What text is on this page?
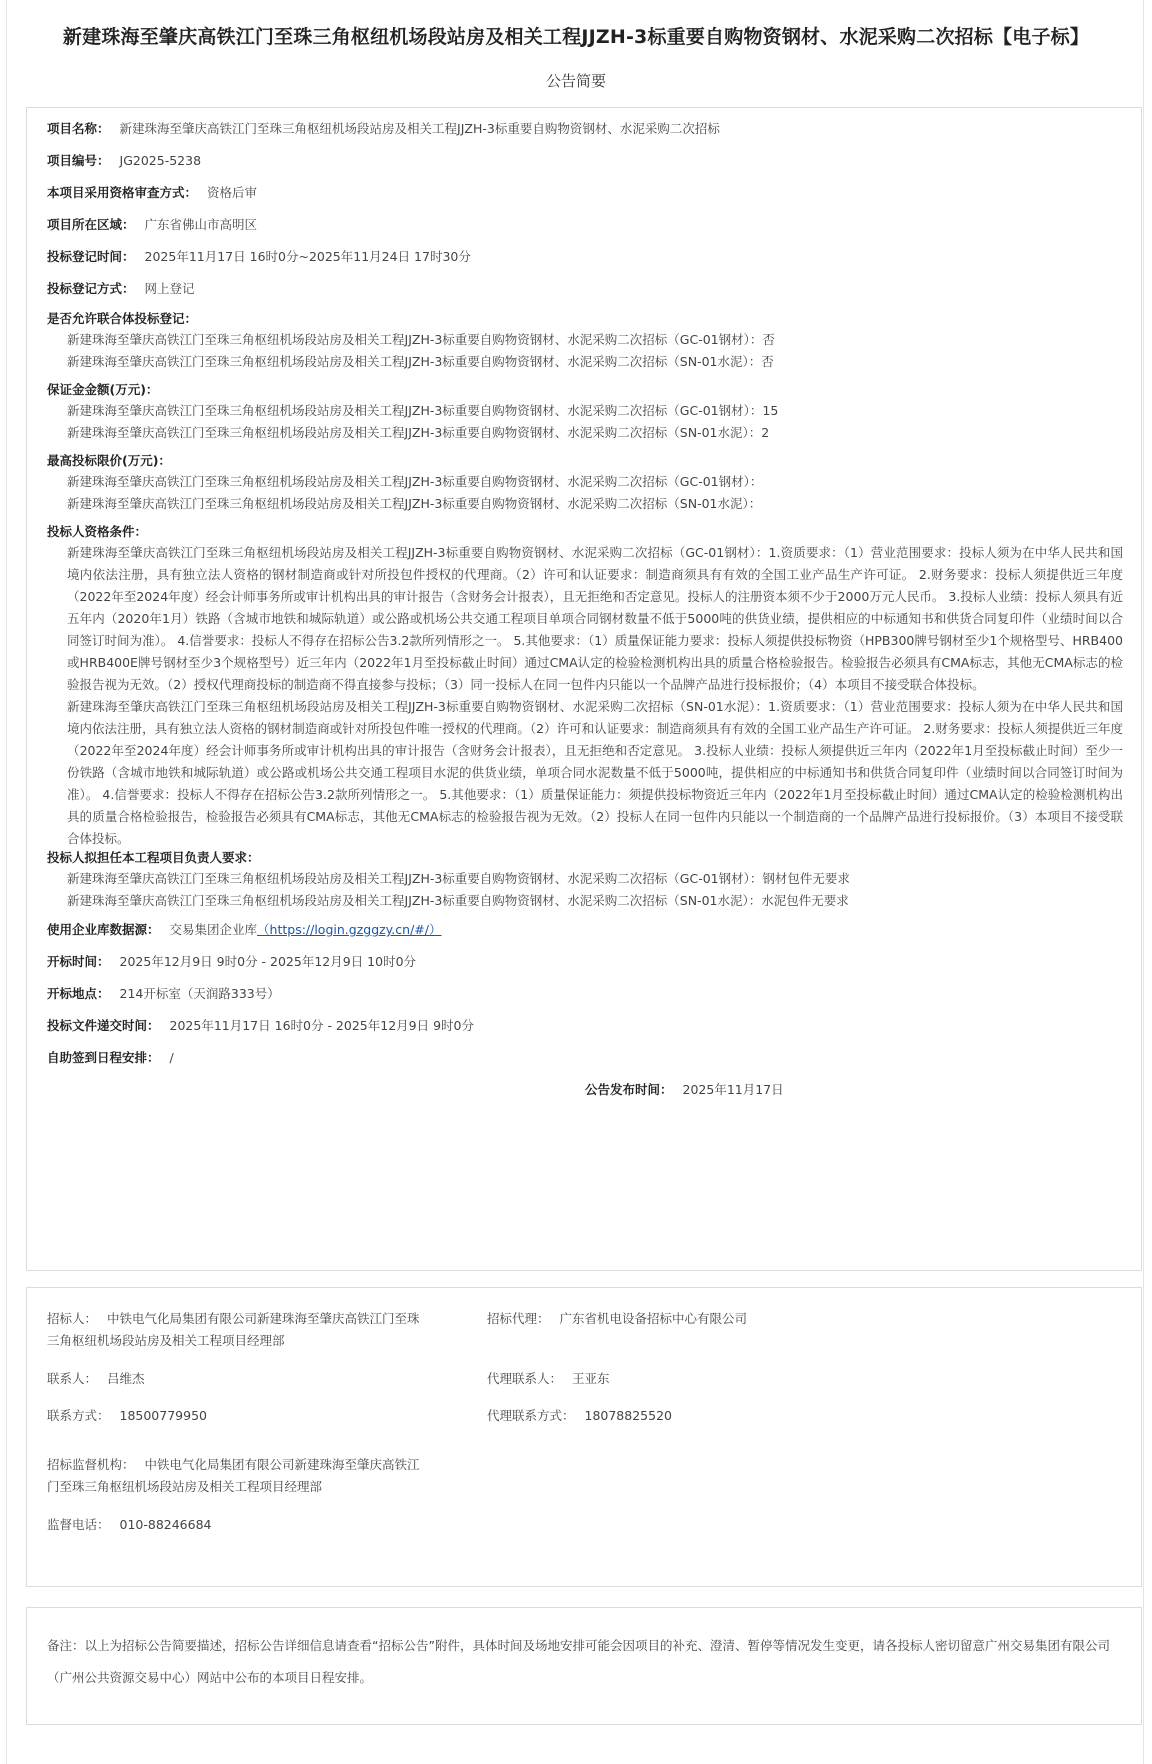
新建珠海至肇庆高铁江门至珠三角枢纽机场段站房及相关工程JJZH-3标重要自购物资钢材、水泥采购二次招标【电子标】
公告简要
项目名称： 新建珠海至肇庆高铁江门至珠三角枢纽机场段站房及相关工程JJZH-3标重要自购物资钢材、水泥采购二次招标
项目编号： JG2025-5238
本项目采用资格审查方式： 资格后审
项目所在区域： 广东省佛山市高明区
投标登记时间： 2025年11月17日 16时0分~2025年11月24日 17时30分
投标登记方式： 网上登记
是否允许联合体投标登记：
新建珠海至肇庆高铁江门至珠三角枢纽机场段站房及相关工程JJZH-3标重要自购物资钢材、水泥采购二次招标（GC-01钢材）：否
新建珠海至肇庆高铁江门至珠三角枢纽机场段站房及相关工程JJZH-3标重要自购物资钢材、水泥采购二次招标（SN-01水泥）：否
保证金金额(万元)：
新建珠海至肇庆高铁江门至珠三角枢纽机场段站房及相关工程JJZH-3标重要自购物资钢材、水泥采购二次招标（GC-01钢材）：15
新建珠海至肇庆高铁江门至珠三角枢纽机场段站房及相关工程JJZH-3标重要自购物资钢材、水泥采购二次招标（SN-01水泥）：2
最高投标限价(万元)：
新建珠海至肇庆高铁江门至珠三角枢纽机场段站房及相关工程JJZH-3标重要自购物资钢材、水泥采购二次招标（GC-01钢材）：
新建珠海至肇庆高铁江门至珠三角枢纽机场段站房及相关工程JJZH-3标重要自购物资钢材、水泥采购二次招标（SN-01水泥）：
投标人资格条件：
新建珠海至肇庆高铁江门至珠三角枢纽机场段站房及相关工程JJZH-3标重要自购物资钢材、水泥采购二次招标（GC-01钢材）：1.资质要求：（1）营业范围要求：投标人须为在中华人民共和国境内依法注册，具有独立法人资格的钢材制造商或针对所投包件授权的代理商。（2）许可和认证要求：制造商须具有有效的全国工业产品生产许可证。 2.财务要求：投标人须提供近三年度（2022年至2024年度）经会计师事务所或审计机构出具的审计报告（含财务会计报表），且无拒绝和否定意见。投标人的注册资本须不少于2000万元人民币。 3.投标人业绩：投标人须具有近五年内（2020年1月）铁路（含城市地铁和城际轨道）或公路或机场公共交通工程项目单项合同钢材数量不低于5000吨的供货业绩，提供相应的中标通知书和供货合同复印件（业绩时间以合同签订时间为准）。 4.信誉要求：投标人不得存在招标公告3.2款所列情形之一。 5.其他要求：（1）质量保证能力要求：投标人须提供投标物资（HPB300牌号钢材至少1个规格型号、HRB400或HRB400E牌号钢材至少3个规格型号）近三年内（2022年1月至投标截止时间）通过CMA认定的检验检测机构出具的质量合格检验报告。检验报告必须具有CMA标志，其他无CMA标志的检验报告视为无效。（2）授权代理商投标的制造商不得直接参与投标；（3）同一投标人在同一包件内只能以一个品牌产品进行投标报价；（4）本项目不接受联合体投标。
新建珠海至肇庆高铁江门至珠三角枢纽机场段站房及相关工程JJZH-3标重要自购物资钢材、水泥采购二次招标（SN-01水泥）：1.资质要求：（1）营业范围要求：投标人须为在中华人民共和国境内依法注册，具有独立法人资格的钢材制造商或针对所投包件唯一授权的代理商。（2）许可和认证要求：制造商须具有有效的全国工业产品生产许可证。 2.财务要求：投标人须提供近三年度（2022年至2024年度）经会计师事务所或审计机构出具的审计报告（含财务会计报表），且无拒绝和否定意见。 3.投标人业绩：投标人须提供近三年内（2022年1月至投标截止时间）至少一份铁路（含城市地铁和城际轨道）或公路或机场公共交通工程项目水泥的供货业绩，单项合同水泥数量不低于5000吨，提供相应的中标通知书和供货合同复印件（业绩时间以合同签订时间为准）。 4.信誉要求：投标人不得存在招标公告3.2款所列情形之一。 5.其他要求：（1）质量保证能力：须提供投标物资近三年内（2022年1月至投标截止时间）通过CMA认定的检验检测机构出具的质量合格检验报告，检验报告必须具有CMA标志，其他无CMA标志的检验报告视为无效。（2）投标人在同一包件内只能以一个制造商的一个品牌产品进行投标报价。（3）本项目不接受联合体投标。
投标人拟担任本工程项目负责人要求：
新建珠海至肇庆高铁江门至珠三角枢纽机场段站房及相关工程JJZH-3标重要自购物资钢材、水泥采购二次招标（GC-01钢材）：钢材包件无要求
新建珠海至肇庆高铁江门至珠三角枢纽机场段站房及相关工程JJZH-3标重要自购物资钢材、水泥采购二次招标（SN-01水泥）：水泥包件无要求
使用企业库数据源： 交易集团企业库（https://login.gzggzy.cn/#/）
开标时间： 2025年12月9日 9时0分 - 2025年12月9日 10时0分
开标地点： 214开标室（天润路333号）
投标文件递交时间： 2025年11月17日 16时0分 - 2025年12月9日 9时0分
自助签到日程安排： /
公告发布时间： 2025年11月17日
招标人： 中铁电气化局集团有限公司新建珠海至肇庆高铁江门至珠
三角枢纽机场段站房及相关工程项目经理部
招标代理： 广东省机电设备招标中心有限公司
联系人： 吕维杰	代理联系人： 王亚东
联系方式： 18500779950	代理联系方式： 18078825520
招标监督机构： 中铁电气化局集团有限公司新建珠海至肇庆高铁江
门至珠三角枢纽机场段站房及相关工程项目经理部
监督电话： 010-88246684
备注：以上为招标公告简要描述，招标公告详细信息请查看“招标公告”附件，具体时间及场地安排可能会因项目的补充、澄清、暂停等情况发生变更，请各投标人密切留意广州交易集团有限公司（广州公共资源交易中心）网站中公布的本项目日程安排。
